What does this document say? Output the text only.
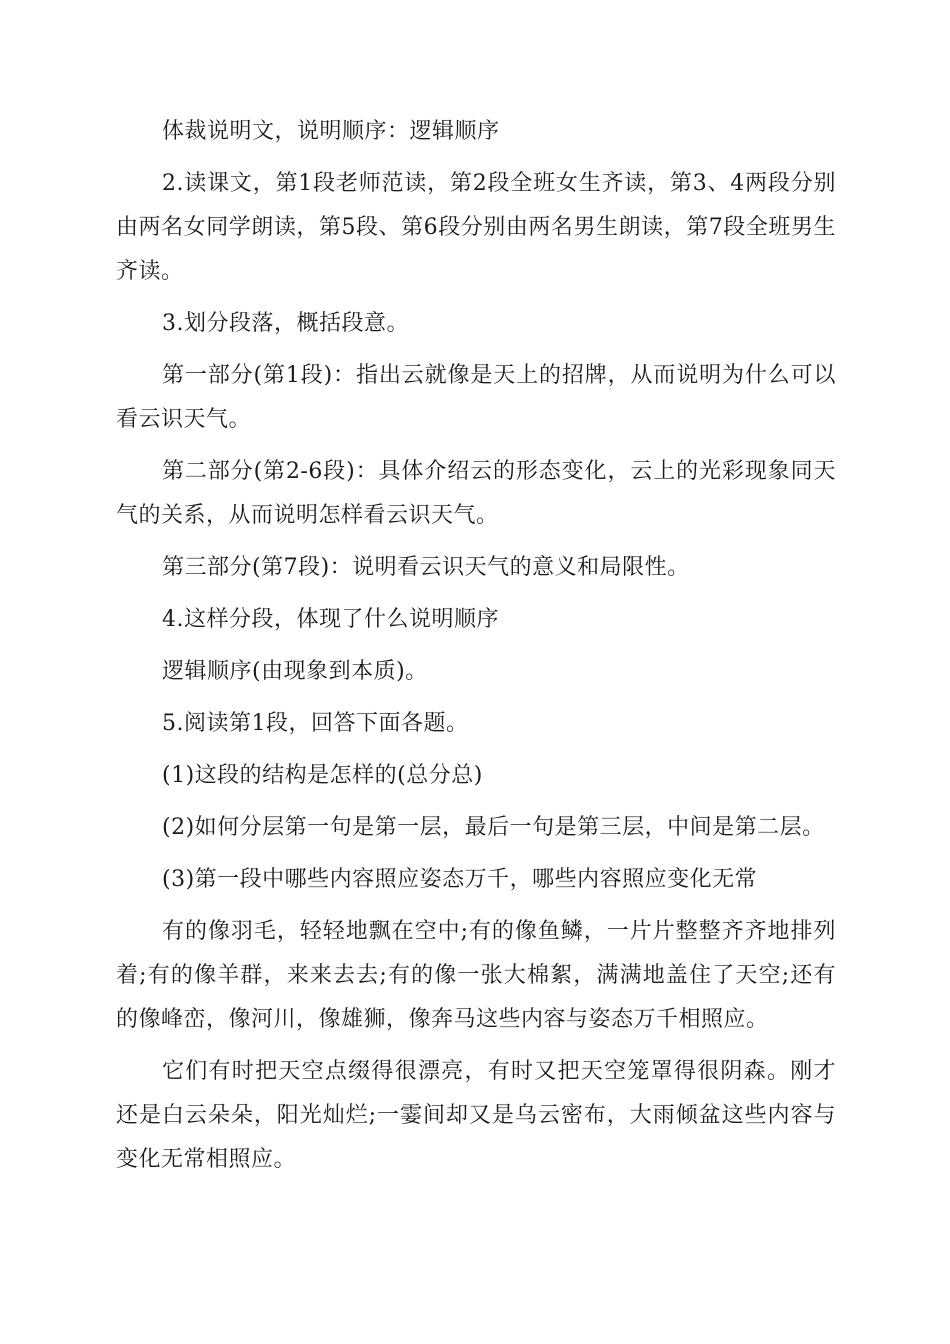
体裁说明文，说明顺序：逻辑顺序

2.读课文，第1段老师范读，第2段全班女生齐读，第3、4两段分别由两名女同学朗读，第5段、第6段分别由两名男生朗读，第7段全班男生齐读。

3.划分段落，概括段意。

第一部分(第1段)：指出云就像是天上的招牌，从而说明为什么可以看云识天气。

第二部分(第2-6段)：具体介绍云的形态变化，云上的光彩现象同天气的关系，从而说明怎样看云识天气。

第三部分(第7段)：说明看云识天气的意义和局限性。

4.这样分段，体现了什么说明顺序

逻辑顺序(由现象到本质)。

5.阅读第1段，回答下面各题。

(1)这段的结构是怎样的(总分总)

(2)如何分层第一句是第一层，最后一句是第三层，中间是第二层。

(3)第一段中哪些内容照应姿态万千，哪些内容照应变化无常

有的像羽毛，轻轻地飘在空中;有的像鱼鳞，一片片整整齐齐地排列着;有的像羊群，来来去去;有的像一张大棉絮，满满地盖住了天空;还有的像峰峦，像河川，像雄狮，像奔马这些内容与姿态万千相照应。

它们有时把天空点缀得很漂亮，有时又把天空笼罩得很阴森。刚才还是白云朵朵，阳光灿烂;一霎间却又是乌云密布，大雨倾盆这些内容与变化无常相照应。
